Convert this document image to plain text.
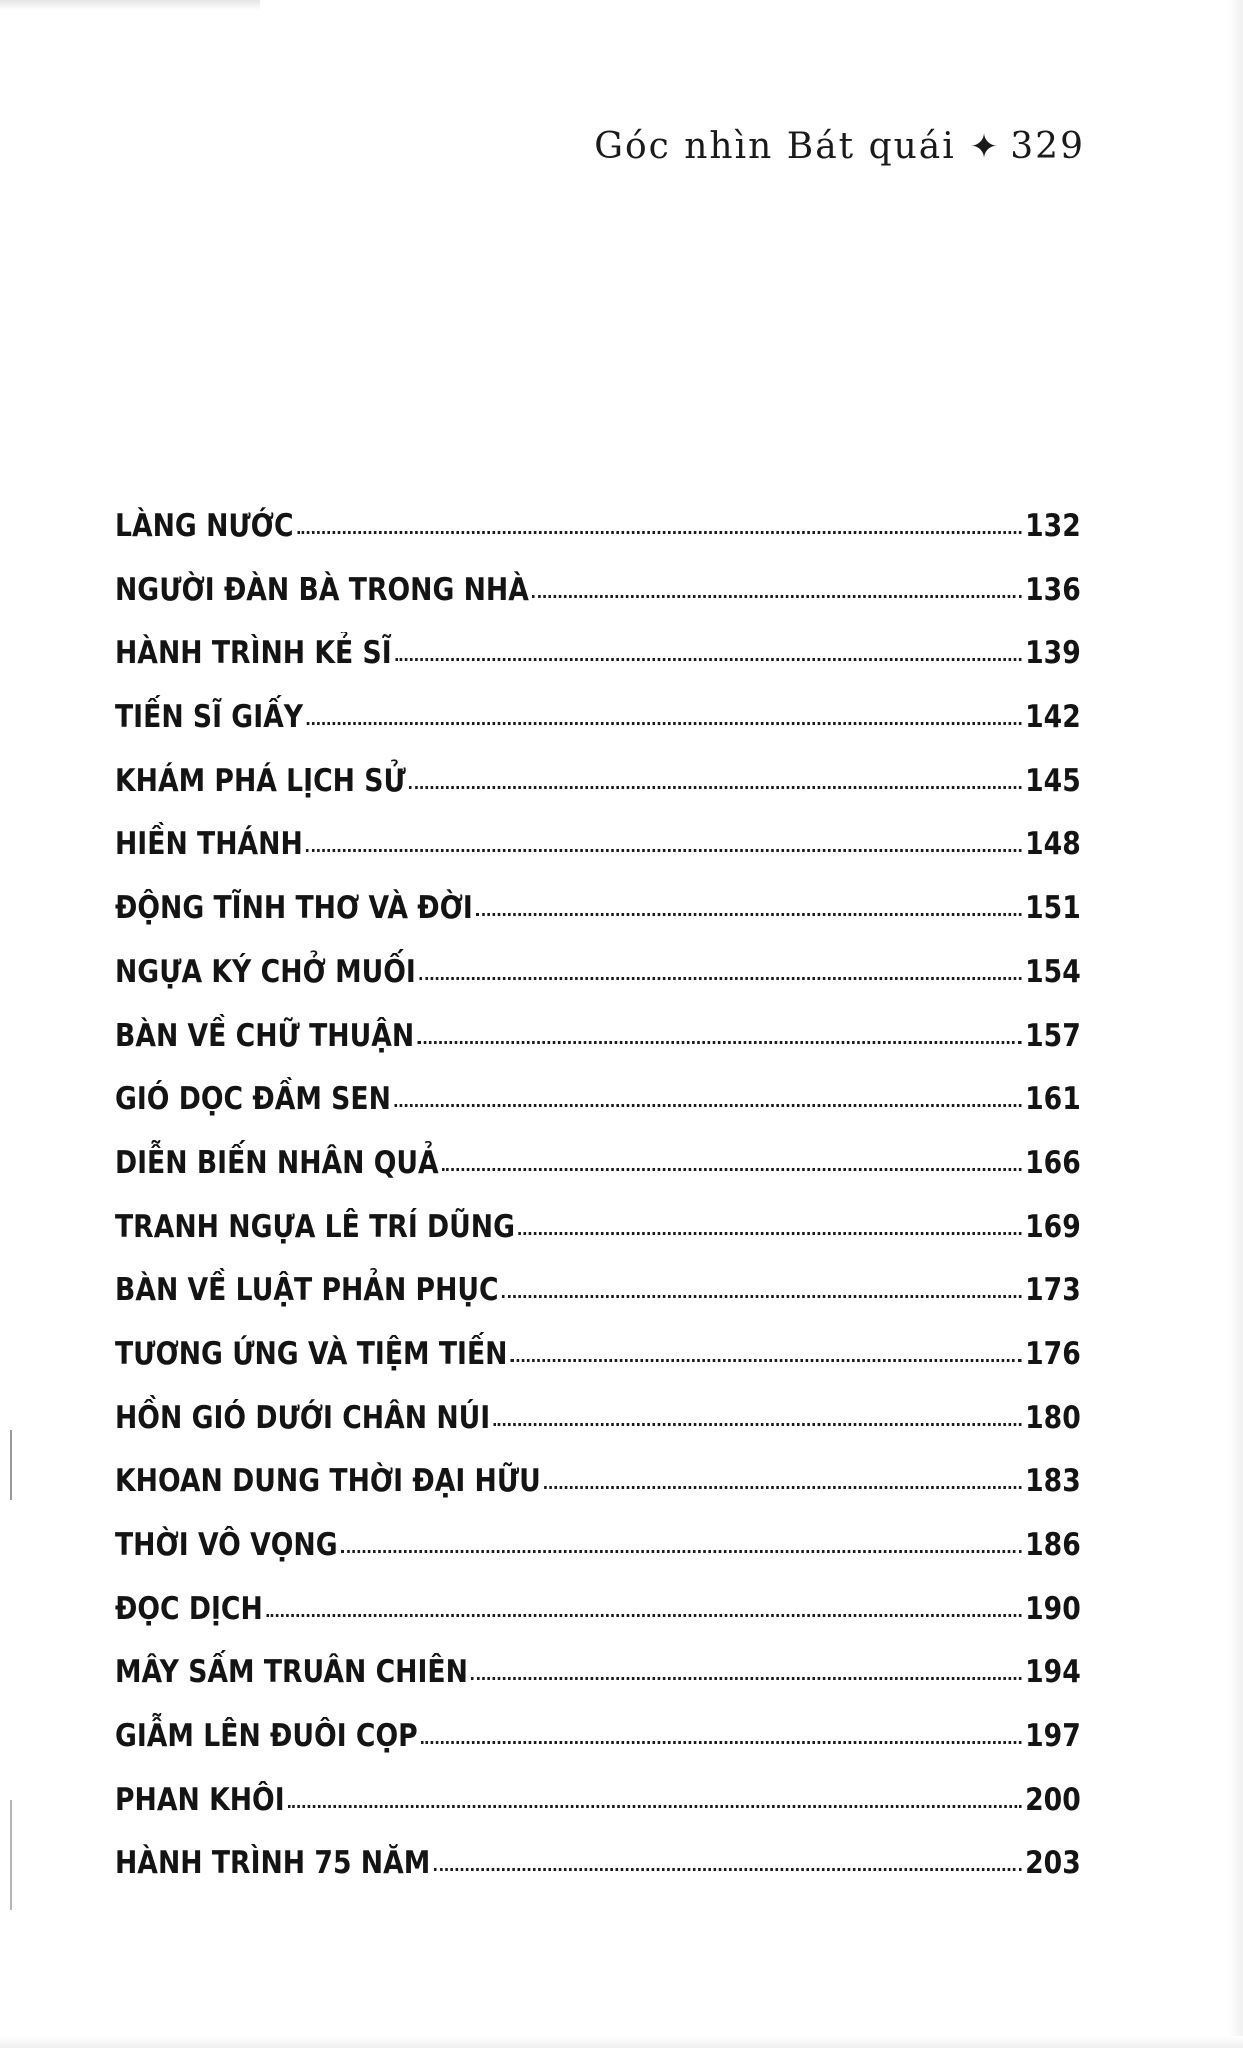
Góc nhìn Bát quái ✦ 329
LÀNG NƯỚC	132
NGƯỜI ĐÀN BÀ TRONG NHÀ	136
HÀNH TRÌNH KẺ SĨ	139
TIẾN SĨ GIẤY	142
KHÁM PHÁ LỊCH SỬ	145
HIỀN THÁNH	148
ĐỘNG TĨNH THƠ VÀ ĐỜI	151
NGỰA KÝ CHỞ MUỐI	154
BÀN VỀ CHỮ THUẬN	157
GIÓ DỌC ĐẦM SEN	161
DIỄN BIẾN NHÂN QUẢ	166
TRANH NGỰA LÊ TRÍ DŨNG	169
BÀN VỀ LUẬT PHẢN PHỤC	173
TƯƠNG ỨNG VÀ TIỆM TIẾN	176
HỒN GIÓ DƯỚI CHÂN NÚI	180
KHOAN DUNG THỜI ĐẠI HỮU	183
THỜI VÔ VỌNG	186
ĐỌC DỊCH	190
MÂY SẤM TRUÂN CHIÊN	194
GIẪM LÊN ĐUÔI CỌP	197
PHAN KHÔI	200
HÀNH TRÌNH 75 NĂM	203
